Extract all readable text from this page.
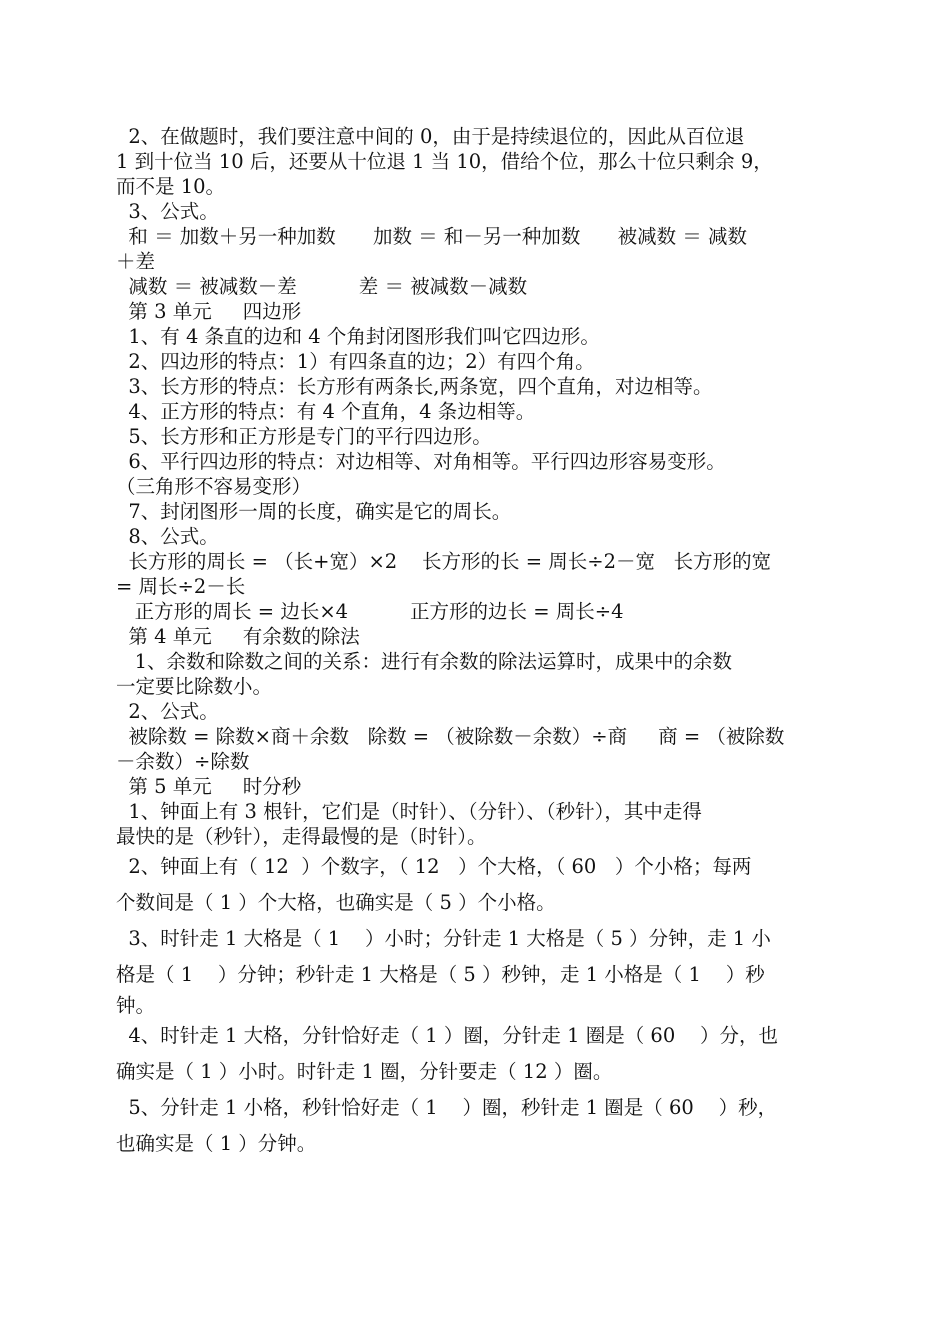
2、在做题时，我们要注意中间的 0，由于是持续退位的，因此从百位退
1 到十位当 10 后，还要从十位退 1 当 10，借给个位，那么十位只剩余 9，
而不是 10。
3、公式。
和 ＝ 加数＋另一种加数      加数 ＝ 和－另一种加数      被减数 ＝ 减数
＋差
减数 ＝ 被减数－差          差 ＝ 被减数－减数
第 3 单元     四边形
1、有 4 条直的边和 4 个角封闭图形我们叫它四边形。
2、四边形的特点：1）有四条直的边；2）有四个角。
3、长方形的特点：长方形有两条长,两条宽，四个直角，对边相等。
4、正方形的特点：有 4 个直角，4 条边相等。
5、长方形和正方形是专门的平行四边形。
6、平行四边形的特点：对边相等、对角相等。平行四边形容易变形。
（三角形不容易变形）
7、封闭图形一周的长度，确实是它的周长。
8、公式。
长方形的周长 = （长+宽）×2    长方形的长 = 周长÷2－宽   长方形的宽
= 周长÷2－长
正方形的周长 = 边长×4          正方形的边长 = 周长÷4
第 4 单元     有余数的除法
1、余数和除数之间的关系：进行有余数的除法运算时，成果中的余数
一定要比除数小。
2、公式。
被除数 = 除数×商＋余数   除数 = （被除数－余数）÷商     商 = （被除数
－余数）÷除数
第 5 单元     时分秒
1、钟面上有 3 根针，它们是（时针）、（分针）、（秒针），其中走得
最快的是（秒针），走得最慢的是（时针）。
2、钟面上有（ 12  ）个数字，（ 12   ）个大格，（ 60   ）个小格；每两
个数间是（ 1 ）个大格，也确实是（ 5 ）个小格。
3、时针走 1 大格是（ 1    ）小时；分针走 1 大格是（ 5 ）分钟，走 1 小
格是（ 1    ）分钟；秒针走 1 大格是（ 5 ）秒钟，走 1 小格是（ 1    ）秒
钟。
4、时针走 1 大格，分针恰好走（ 1 ）圈，分针走 1 圈是（ 60    ）分，也
确实是（ 1 ）小时。时针走 1 圈，分针要走（ 12 ）圈。
5、分针走 1 小格，秒针恰好走（ 1    ）圈，秒针走 1 圈是（ 60    ）秒，
也确实是（ 1 ）分钟。
